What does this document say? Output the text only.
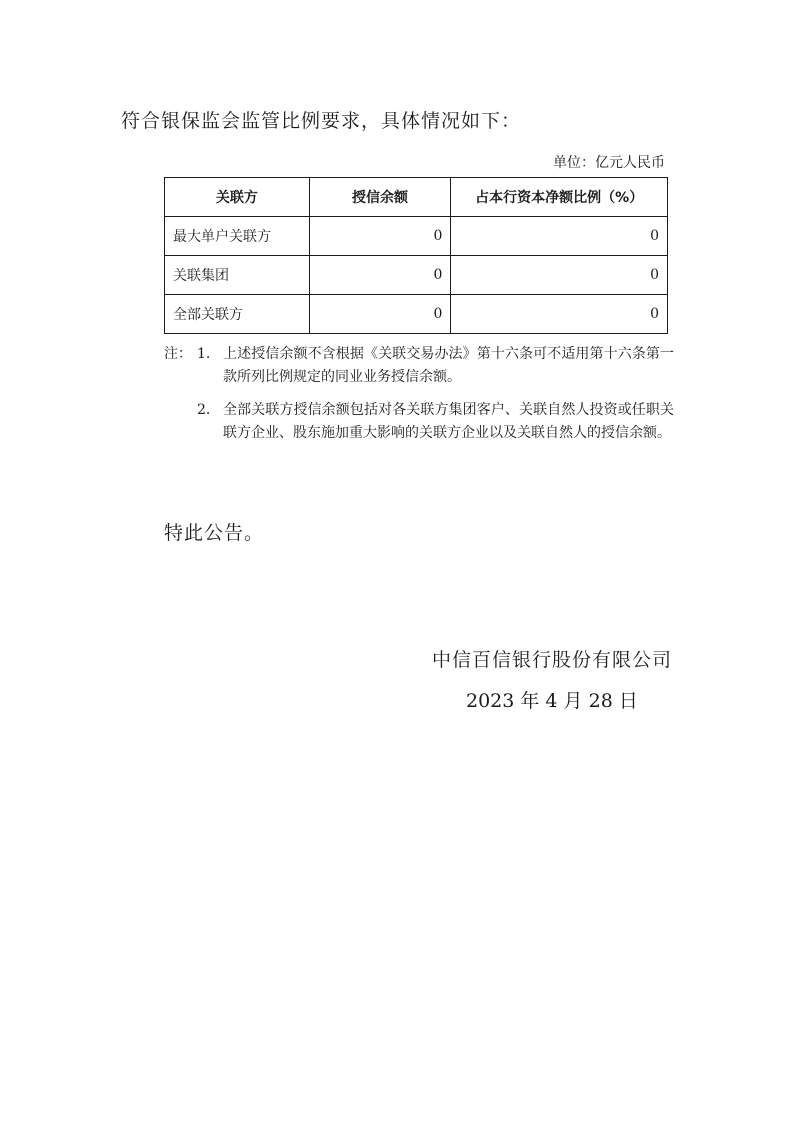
符合银保监会监管比例要求，具体情况如下：
单位：亿元人民币
关联方	授信余额	占本行资本净额比例（%）
最大单户关联方	0	0
关联集团	0	0
全部关联方	0	0
注： 1. 上述授信余额不含根据《关联交易办法》第十六条可不适用第十六条第一款所列比例规定的同业业务授信余额。
2. 全部关联方授信余额包括对各关联方集团客户、关联自然人投资或任职关联方企业、股东施加重大影响的关联方企业以及关联自然人的授信余额。
特此公告。
中信百信银行股份有限公司
2023 年 4 月 28 日
